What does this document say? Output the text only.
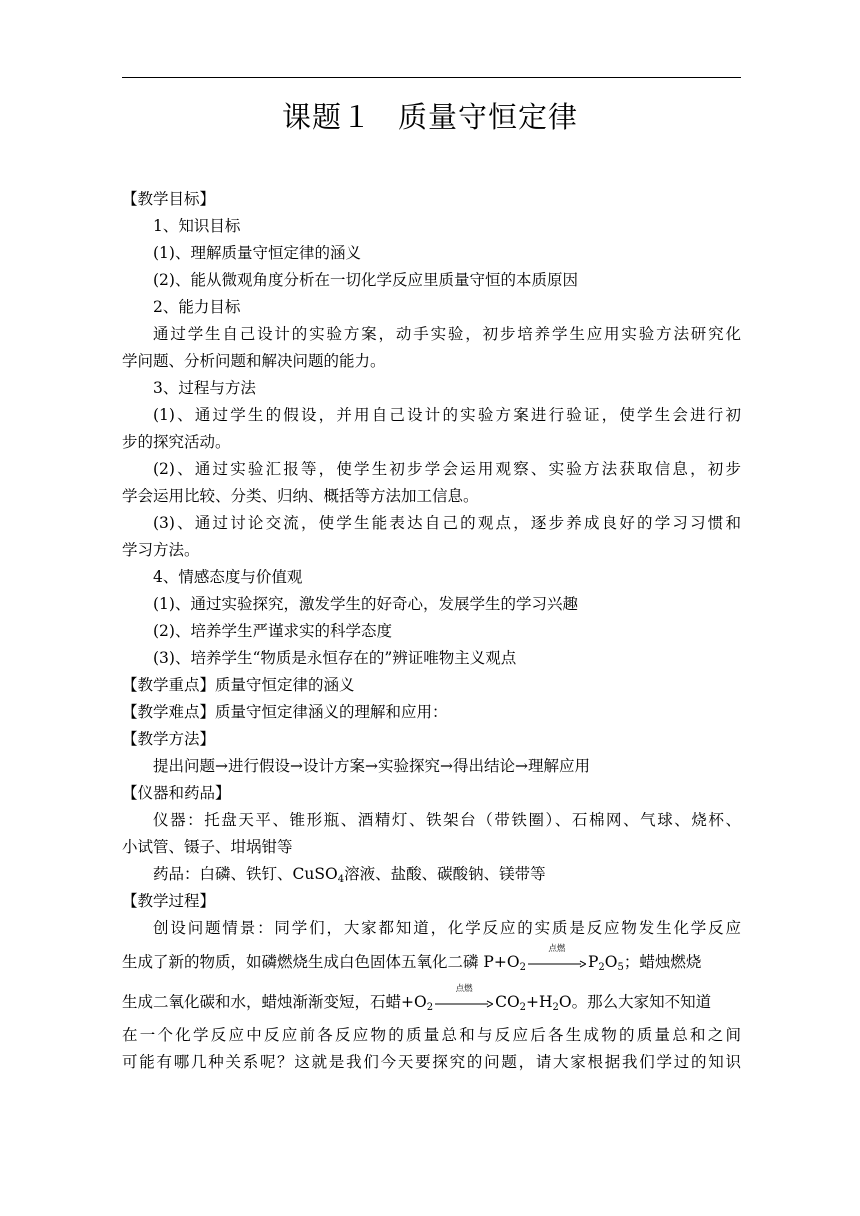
课题１ 质量守恒定律
【教学目标】
1、知识目标
(1)、理解质量守恒定律的涵义
(2)、能从微观角度分析在一切化学反应里质量守恒的本质原因
2、能力目标
通过学生自己设计的实验方案，动手实验，初步培养学生应用实验方法研究化
学问题、分析问题和解决问题的能力。
3、过程与方法
(1)、通过学生的假设，并用自己设计的实验方案进行验证，使学生会进行初
步的探究活动。
(2)、通过实验汇报等，使学生初步学会运用观察、实验方法获取信息，初步
学会运用比较、分类、归纳、概括等方法加工信息。
(3)、通过讨论交流，使学生能表达自己的观点，逐步养成良好的学习习惯和
学习方法。
4、情感态度与价值观
(1)、通过实验探究，激发学生的好奇心，发展学生的学习兴趣
(2)、培养学生严谨求实的科学态度
(3)、培养学生“物质是永恒存在的”辨证唯物主义观点
【教学重点】质量守恒定律的涵义
【教学难点】质量守恒定律涵义的理解和应用：
【教学方法】
提出问题→进行假设→设计方案→实验探究→得出结论→理解应用
【仪器和药品】
仪器：托盘天平、锥形瓶、酒精灯、铁架台（带铁圈）、石棉网、气球、烧杯、
小试管、镊子、坩埚钳等
药品：白磷、铁钉、CuSO$_4$溶液、盐酸、碳酸钠、镁带等
【教学过程】
创设问题情景：同学们，大家都知道，化学反应的实质是反应物发生化学反应
生成了新的物质，如磷燃烧生成白色固体五氧化二磷 $P+O_2$
点燃
$P_2O_5$；蜡烛燃烧
生成二氧化碳和水，蜡烛渐渐变短，石蜡$+O_2$
点燃
$CO_2+H_2O$。那么大家知不知道
在一个化学反应中反应前各反应物的质量总和与反应后各生成物的质量总和之间
可能有哪几种关系呢？这就是我们今天要探究的问题，请大家根据我们学过的知识
